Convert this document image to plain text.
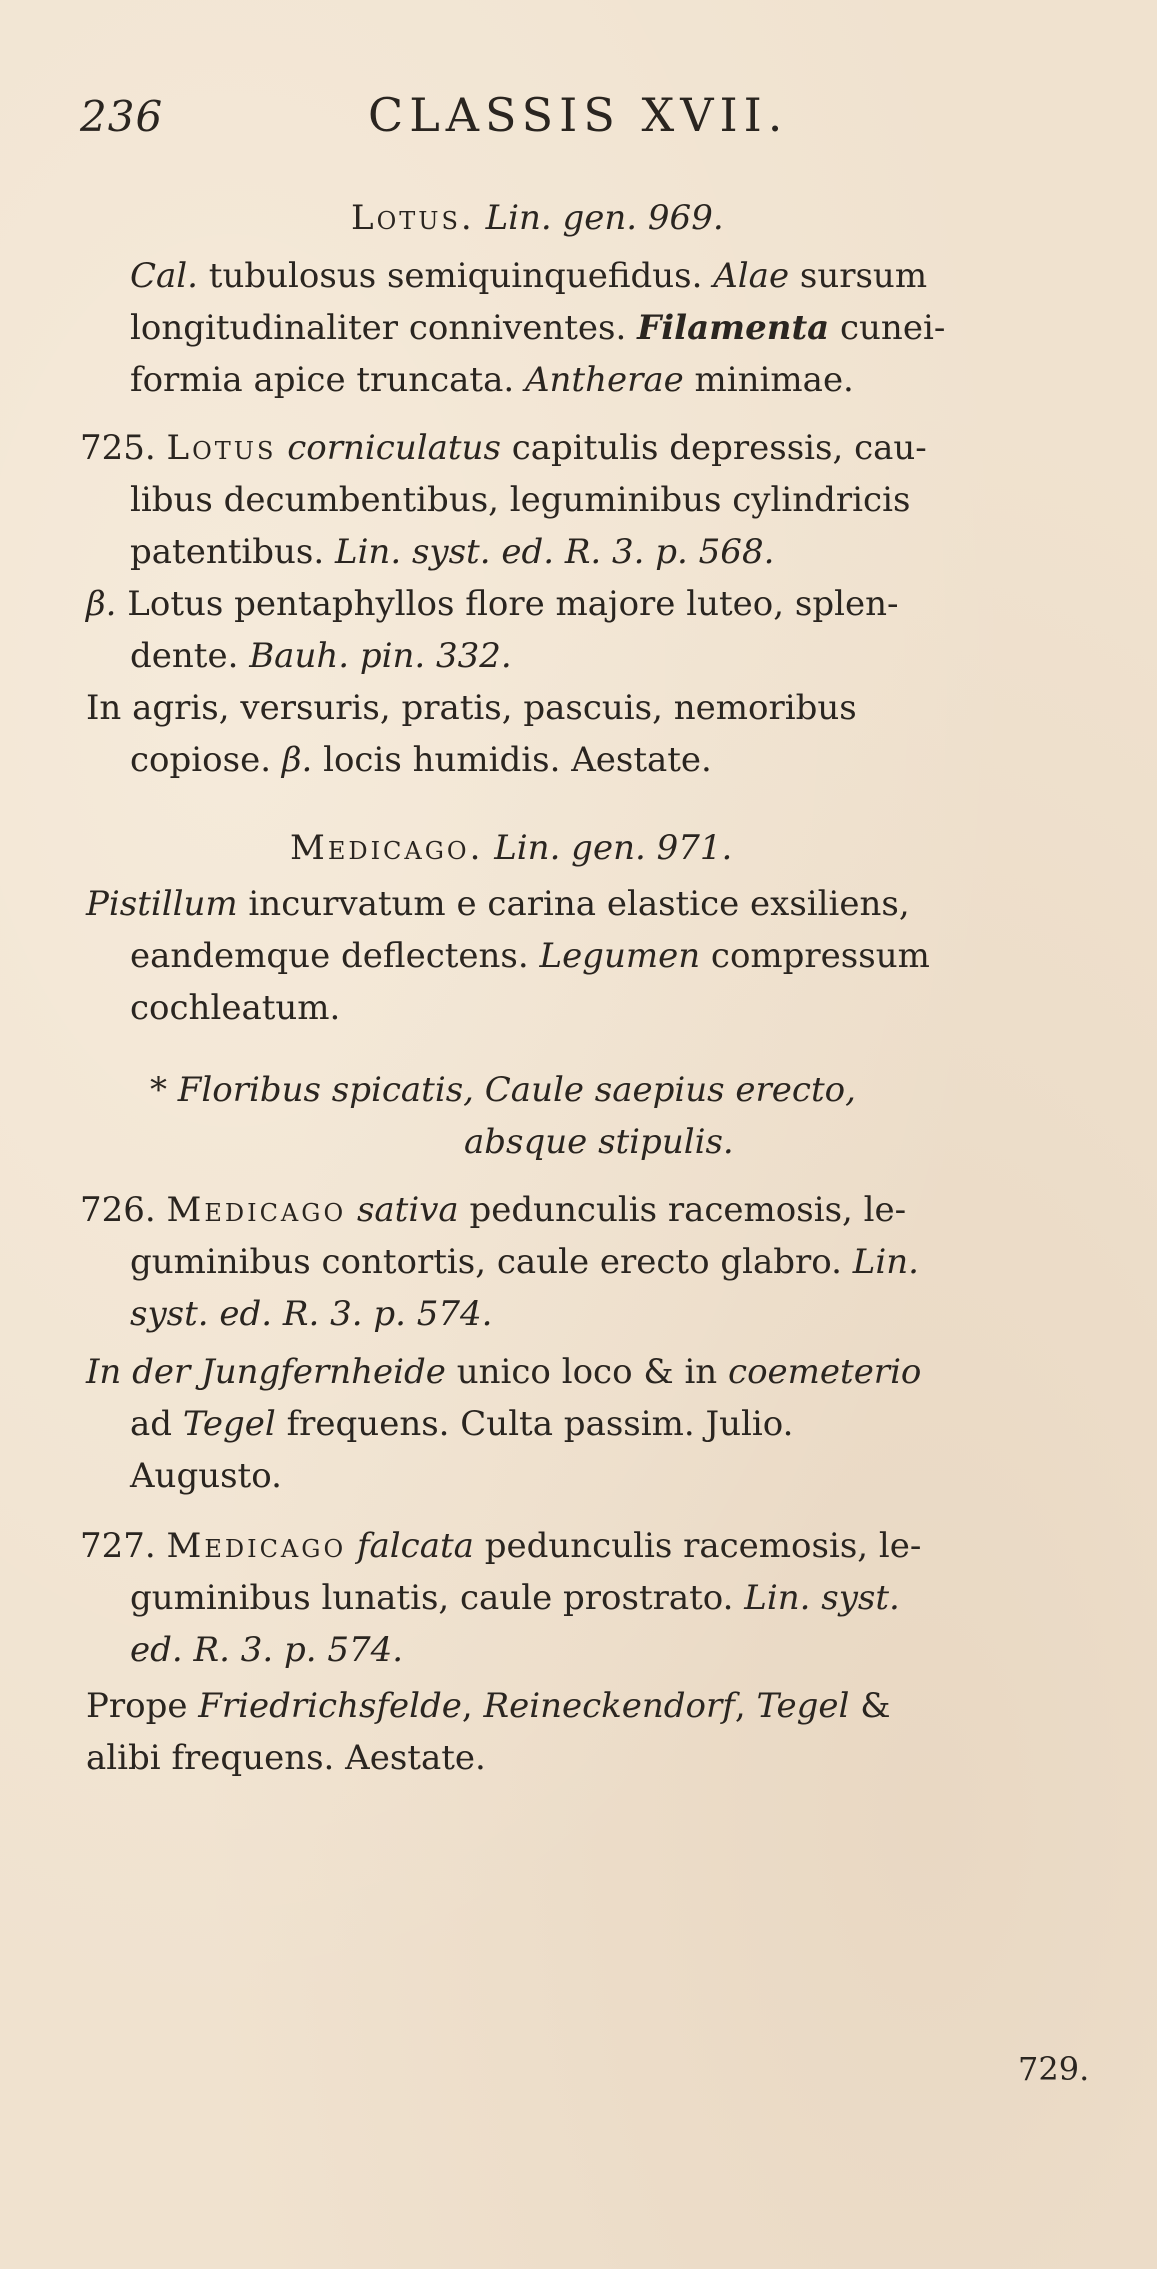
236	CLASSIS XVII.
Lotus. Lin. gen. 969.
Cal. tubulosus semiquinquefidus. Alae sursum
longitudinaliter conniventes. Filamenta cunei-
formia apice truncata. Antherae minimae.
725. Lotus corniculatus capitulis depressis, cau-
libus decumbentibus, leguminibus cylindricis
patentibus. Lin. syst. ed. R. 3. p. 568.
β. Lotus pentaphyllos flore majore luteo, splen-
dente. Bauh. pin. 332.
In agris, versuris, pratis, pascuis, nemoribus
copiose. β. locis humidis. Aestate.
Medicago. Lin. gen. 971.
Pistillum incurvatum e carina elastice exsiliens,
eandemque deflectens. Legumen compressum
cochleatum.
* Floribus spicatis, Caule saepius erecto,
absque stipulis.
726. Medicago sativa pedunculis racemosis, le-
guminibus contortis, caule erecto glabro. Lin.
syst. ed. R. 3. p. 574.
In der Jungfernheide unico loco & in coemeterio
ad Tegel frequens. Culta passim. Julio.
Augusto.
727. Medicago falcata pedunculis racemosis, le-
guminibus lunatis, caule prostrato. Lin. syst.
ed. R. 3. p. 574.
Prope Friedrichsfelde, Reineckendorf, Tegel &
alibi frequens. Aestate.
729.
